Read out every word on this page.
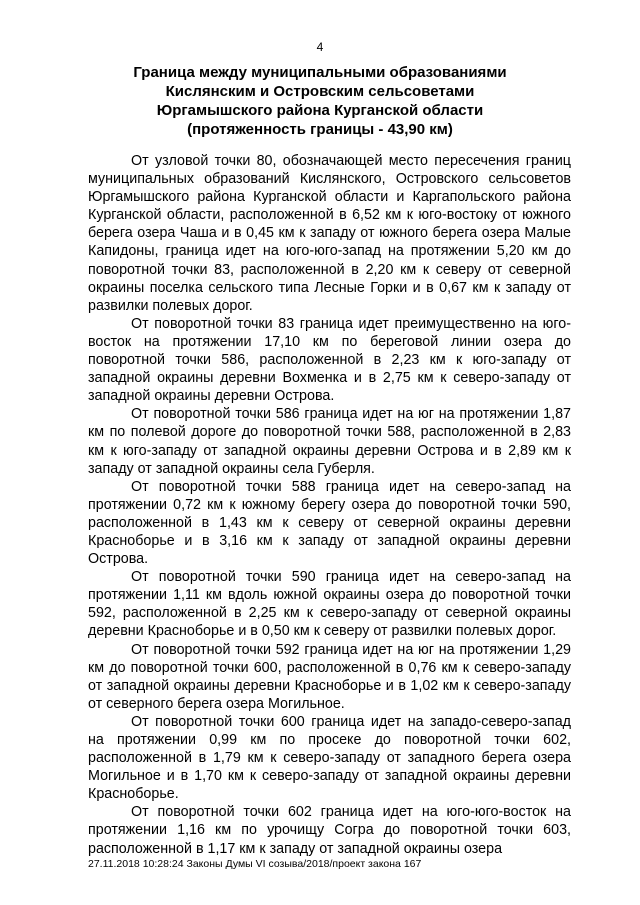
4
Граница между муниципальными образованиями
Кислянским и Островским сельсоветами
Юргамышского района Курганской области
(протяженность границы - 43,90 км)

От узловой точки 80, обозначающей место пересечения границ муниципальных образований Кислянского, Островского сельсоветов Юргамышского района Курганской области и Каргапольского района Курганской области, расположенной в 6,52 км к юго-востоку от южного берега озера Чаша и в 0,45 км к западу от южного берега озера Малые Капидоны, граница идет на юго-юго-запад на протяжении 5,20 км до поворотной точки 83, расположенной в 2,20 км к северу от северной окраины поселка сельского типа Лесные Горки и в 0,67 км к западу от развилки полевых дорог.

От поворотной точки 83 граница идет преимущественно на юго-восток на протяжении 17,10 км по береговой линии озера до поворотной точки 586, расположенной в 2,23 км к юго-западу от западной окраины деревни Вохменка и в 2,75 км к северо-западу от западной окраины деревни Острова.

От поворотной точки 586 граница идет на юг на протяжении 1,87 км по полевой дороге до поворотной точки 588, расположенной в 2,83 км к юго-западу от западной окраины деревни Острова и в 2,89 км к западу от западной окраины села Губерля.

От поворотной точки 588 граница идет на северо-запад на протяжении 0,72 км к южному берегу озера до поворотной точки 590, расположенной в 1,43 км к северу от северной окраины деревни Красноборье и в 3,16 км к западу от западной окраины деревни Острова.

От поворотной точки 590 граница идет на северо-запад на протяжении 1,11 км вдоль южной окраины озера до поворотной точки 592, расположенной в 2,25 км к северо-западу от северной окраины деревни Красноборье и в 0,50 км к северу от развилки полевых дорог.

От поворотной точки 592 граница идет на юг на протяжении 1,29 км до поворотной точки 600, расположенной в 0,76 км к северо-западу от западной окраины деревни Красноборье и в 1,02 км к северо-западу от северного берега озера Могильное.

От поворотной точки 600 граница идет на западо-северо-запад на протяжении 0,99 км по просеке до поворотной точки 602, расположенной в 1,79 км к северо-западу от западного берега озера Могильное и в 1,70 км к северо-западу от западной окраины деревни Красноборье.

От поворотной точки 602 граница идет на юго-юго-восток на протяжении 1,16 км по урочищу Согра до поворотной точки 603, расположенной в 1,17 км к западу от западной окраины озера

27.11.2018 10:28:24 Законы Думы VI созыва/2018/проект закона 167
